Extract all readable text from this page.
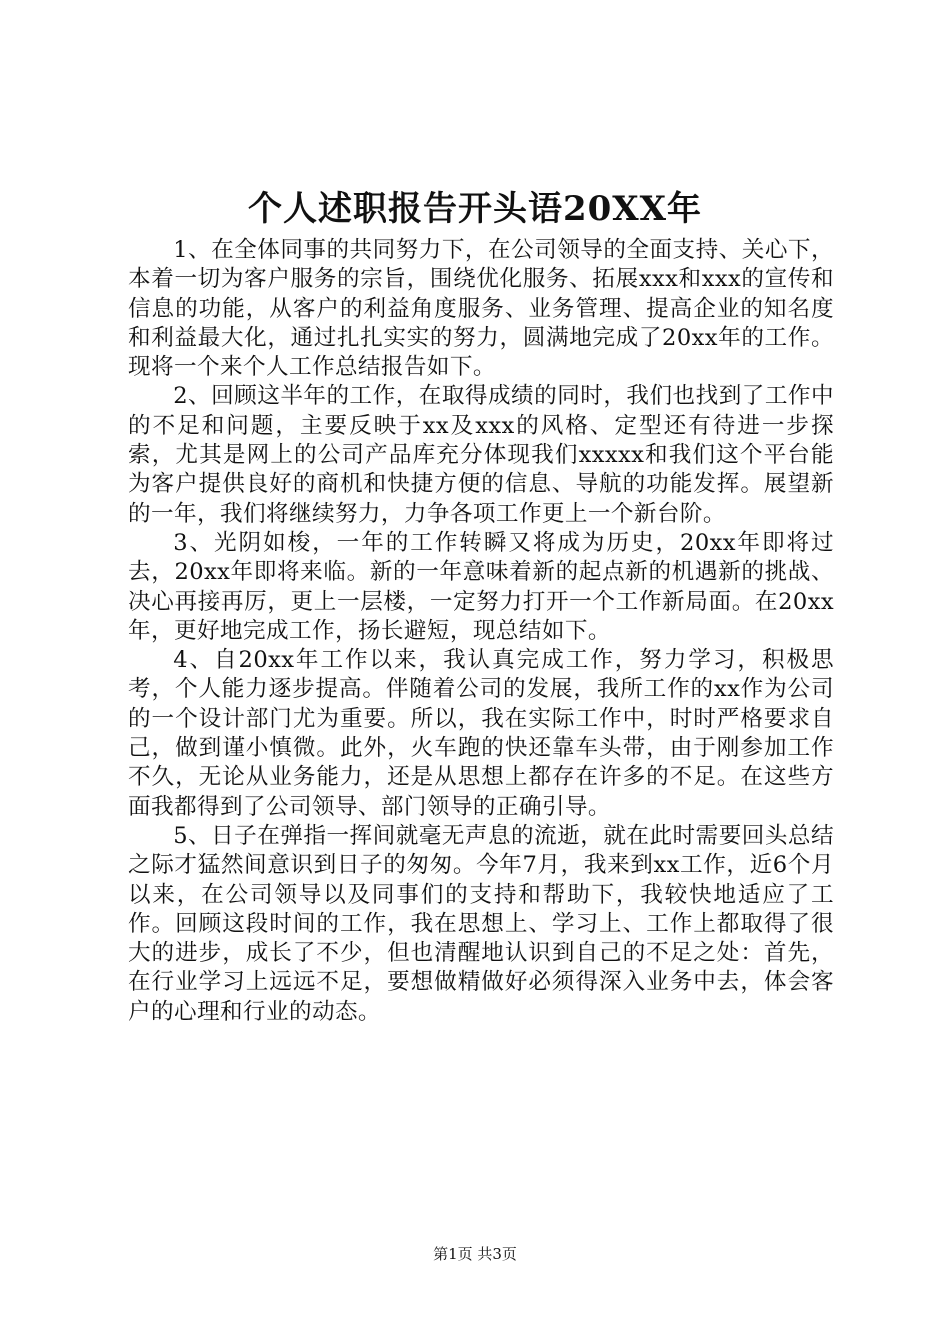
个人述职报告开头语20XX年

1、在全体同事的共同努力下，在公司领导的全面支持、关心下，本着一切为客户服务的宗旨，围绕优化服务、拓展xxx和xxx的宣传和信息的功能，从客户的利益角度服务、业务管理、提高企业的知名度和利益最大化，通过扎扎实实的努力，圆满地完成了20xx年的工作。现将一个来个人工作总结报告如下。

2、回顾这半年的工作，在取得成绩的同时，我们也找到了工作中的不足和问题，主要反映于xx及xxx的风格、定型还有待进一步探索，尤其是网上的公司产品库充分体现我们xxxxx和我们这个平台能为客户提供良好的商机和快捷方便的信息、导航的功能发挥。展望新的一年，我们将继续努力，力争各项工作更上一个新台阶。

3、光阴如梭，一年的工作转瞬又将成为历史，20xx年即将过去，20xx年即将来临。新的一年意味着新的起点新的机遇新的挑战、决心再接再厉，更上一层楼，一定努力打开一个工作新局面。在20xx年，更好地完成工作，扬长避短，现总结如下。

4、自20xx年工作以来，我认真完成工作，努力学习，积极思考，个人能力逐步提高。伴随着公司的发展，我所工作的xx作为公司的一个设计部门尤为重要。所以，我在实际工作中，时时严格要求自己，做到谨小慎微。此外，火车跑的快还靠车头带，由于刚参加工作不久，无论从业务能力，还是从思想上都存在许多的不足。在这些方面我都得到了公司领导、部门领导的正确引导。

5、日子在弹指一挥间就毫无声息的流逝，就在此时需要回头总结之际才猛然间意识到日子的匆匆。今年7月，我来到xx工作，近6个月以来，在公司领导以及同事们的支持和帮助下，我较快地适应了工作。回顾这段时间的工作，我在思想上、学习上、工作上都取得了很大的进步，成长了不少，但也清醒地认识到自己的不足之处：首先，在行业学习上远远不足，要想做精做好必须得深入业务中去，体会客户的心理和行业的动态。

第1页 共3页
